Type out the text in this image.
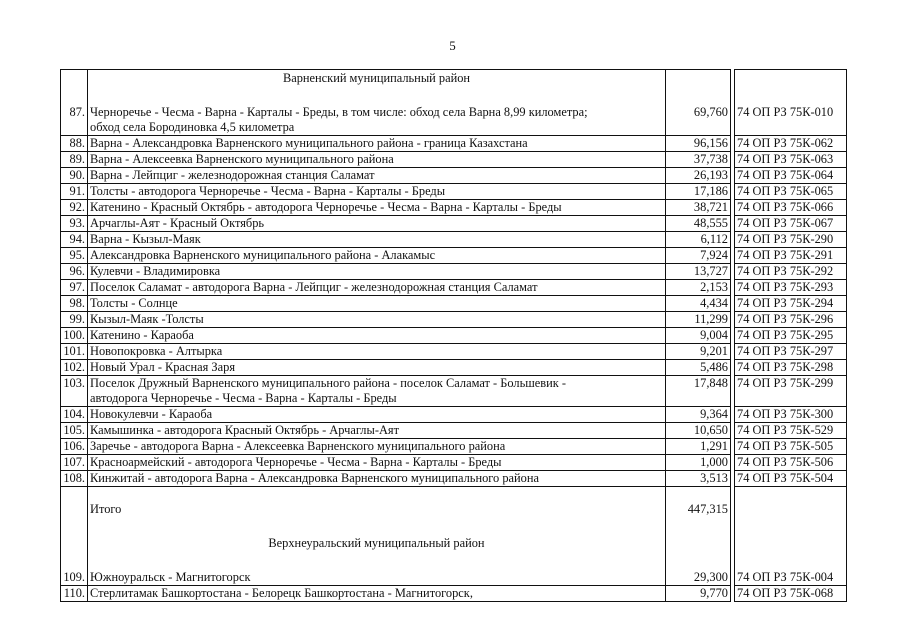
5
	Варненский муниципальный район			

87.	Черноречье - Чесма - Варна - Карталы - Бреды, в том числе: обход села Варна 8,99 километра;
обход села Бородиновка 4,5 километра	69,760		74 ОП РЗ 75К-010
88.	Варна - Александровка Варненского муниципального района - граница Казахстана	96,156		74 ОП РЗ 75К-062
89.	Варна - Алексеевка Варненского муниципального района	37,738		74 ОП РЗ 75К-063
90.	Варна - Лейпциг - железнодорожная станция Саламат	26,193		74 ОП РЗ 75К-064
91.	Толсты - автодорога Черноречье - Чесма - Варна - Карталы - Бреды	17,186		74 ОП РЗ 75К-065
92.	Катенино - Красный Октябрь - автодорога Черноречье - Чесма - Варна - Карталы - Бреды	38,721		74 ОП РЗ 75К-066
93.	Арчаглы-Аят - Красный Октябрь	48,555		74 ОП РЗ 75К-067
94.	Варна - Кызыл-Маяк	6,112		74 ОП РЗ 75К-290
95.	Александровка Варненского муниципального района - Алакамыс	7,924		74 ОП РЗ 75К-291
96.	Кулевчи - Владимировка	13,727		74 ОП РЗ 75К-292
97.	Поселок Саламат - автодорога Варна - Лейпциг - железнодорожная станция Саламат	2,153		74 ОП РЗ 75К-293
98.	Толсты - Солнце	4,434		74 ОП РЗ 75К-294
99.	Кызыл-Маяк -Толсты	11,299		74 ОП РЗ 75К-296
100.	Катенино - Караоба	9,004		74 ОП РЗ 75К-295
101.	Новопокровка - Алтырка	9,201		74 ОП РЗ 75К-297
102.	Новый Урал - Красная Заря	5,486		74 ОП РЗ 75К-298
103.	Поселок Дружный Варненского муниципального района - поселок Саламат - Большевик -
автодорога Черноречье - Чесма - Варна - Карталы - Бреды	17,848		74 ОП РЗ 75К-299
104.	Новокулевчи - Караоба	9,364		74 ОП РЗ 75К-300
105.	Камышинка - автодорога Красный Октябрь - Арчаглы-Аят	10,650		74 ОП РЗ 75К-529
106.	Заречье - автодорога Варна - Алексеевка Варненского муниципального района	1,291		74 ОП РЗ 75К-505
107.	Красноармейский - автодорога Черноречье - Чесма - Варна - Карталы - Бреды	1,000		74 ОП РЗ 75К-506
108.	Кинжитай - автодорога Варна - Александровка Варненского муниципального района	3,513		74 ОП РЗ 75К-504

	Итого	447,315		

	Верхнеуральский муниципальный район			

109.	Южноуральск - Магнитогорск	29,300		74 ОП РЗ 75К-004
110.	Стерлитамак Башкортостана - Белорецк Башкортостана - Магнитогорск,	9,770		74 ОП РЗ 75К-068
